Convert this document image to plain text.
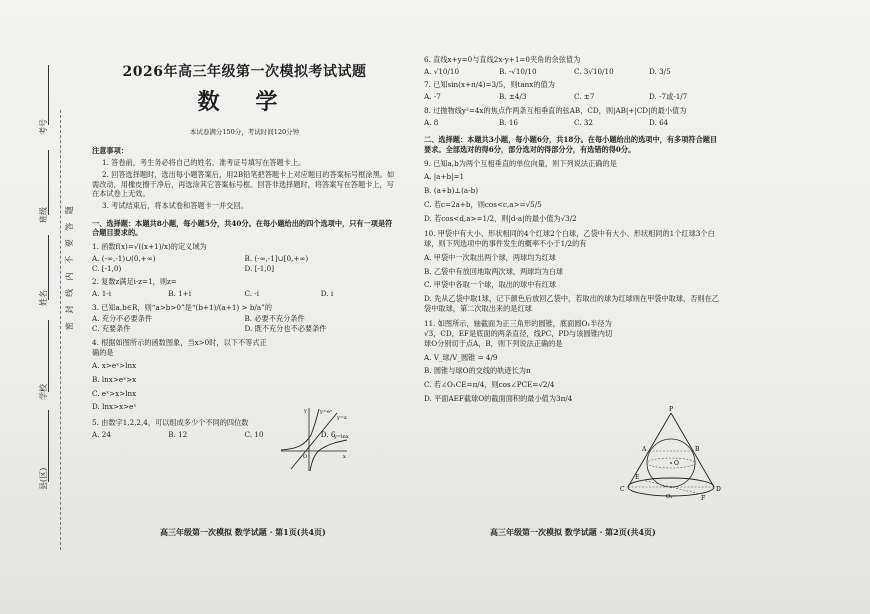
考号
班级
姓名
学校
县(区)
密 封 线 内 不 要 答 题
2026年高三年级第一次模拟考试试题
数 学
本试卷满分150分，考试时间120分钟
注意事项：
1. 答卷前，考生务必将自己的姓名、准考证号填写在答题卡上。
2. 回答选择题时，选出每小题答案后，用2B铅笔把答题卡上对应题目的答案标号框涂黑。如需改动，用橡皮擦干净后，再选涂其它答案标号框。回答非选择题时，将答案写在答题卡上，写在本试卷上无效。
3. 考试结束后，将本试卷和答题卡一并交回。
一、选择题：本题共8小题，每小题5分，共40分。在每小题给出的四个选项中，只有一项是符合题目要求的。
1. 函数f(x)=√((x+1)/x)的定义域为
A. (-∞,-1)∪(0,+∞)	B. (-∞,-1]∪[0,+∞)
C. [-1,0)	D. [-1,0]
2. 复数z满足i·z=1，则z=
A. 1-i	B. 1+i	C. -i	D. i
3. 已知a,b∈R，则“a>b>0”是“(b+1)/(a+1) > b/a”的
A. 充分不必要条件	B. 必要不充分条件
C. 充要条件	D. 既不充分也不必要条件
4. 根据如图所示的函数图象，当x>0时，以下不等式正确的是
A. x>eˣ>lnx
B. lnx>eˣ>x
C. eˣ>x>lnx
D. lnx>x>eˣ
5. 由数字1,2,2,4，可以组成多少个不同的四位数
A. 24	B. 12	C. 10	D. 6
y=eˣ
y=x
y=lnx
y
x
O
高三年级第一次模拟 数学试题 · 第1页(共4页)
6. 直线x+y=0与直线2x-y+1=0夹角的余弦值为
A. √10/10	B. -√10/10	C. 3√10/10	D. 3/5
7. 已知sin(x+π/4)=3/5，则tanx的值为
A. -7	B. ±4/3	C. ±7	D. -7或-1/7
8. 过抛物线y²=4x的焦点作两条互相垂直的弦AB，CD，则|AB|+|CD|的最小值为
A. 8	B. 16	C. 32	D. 64
二、选择题：本题共3小题，每小题6分，共18分。在每小题给出的选项中，有多项符合题目要求。全部选对的得6分，部分选对的得部分分，有选错的得0分。
9. 已知a,b为两个互相垂直的单位向量，则下列说法正确的是
A. |a+b|=1
B. (a+b)⊥(a-b)
C. 若c=2a+b，则cos<c,a>=√5/5
D. 若cos<d,a>=1/2，则|d-a|的最小值为√3/2
10. 甲袋中有大小、形状相同的4个红球2个白球，乙袋中有大小、形状相同的1个红球3个白球，则下列选项中的事件发生的概率不小于1/2的有
A. 甲袋中一次取出两个球，两球均为红球
B. 乙袋中有放回地取两次球，两球均为白球
C. 甲袋中各取一个球，取出的球中有红球
D. 先从乙袋中取1球，记下颜色后放回乙袋中，若取出的球为红球则在甲袋中取球，否则在乙袋中取球，第二次取出来的是红球
11. 如图所示，轴截面为正三角形的圆锥，底面圆O₁半径为√3，CD，EF是底面的两条直径，线PC，PD与该圆锥内切球O分别切于点A，B，则下列说法正确的是
A. V_球/V_圆锥 = 4/9
B. 圆锥与球O的交线的轨迹长为π
C. 若∠O₁CE=π/4，则cos∠PCE=√2/4
D. 平面AEF截球O的截面面积的最小值为3π/4
P
A	B
O
C	D
E
F
O₁
高三年级第一次模拟 数学试题 · 第2页(共4页)
